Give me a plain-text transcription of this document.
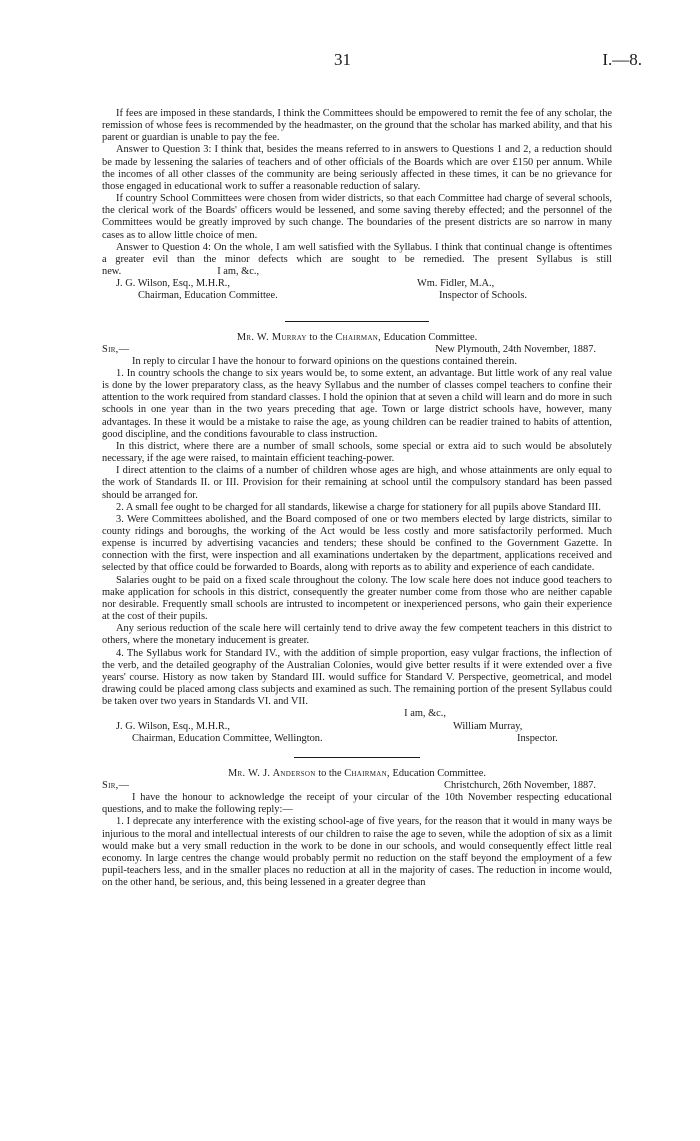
31	I.—8.

If fees are imposed in these standards, I think the Committees should be empowered to remit the fee of any scholar, the remission of whose fees is recommended by the headmaster, on the ground that the scholar has marked ability, and that his parent or guardian is unable to pay the fee.

Answer to Question 3: I think that, besides the means referred to in answers to Questions 1 and 2, a reduction should be made by lessening the salaries of teachers and of other officials of the Boards which are over £150 per annum. While the incomes of all other classes of the community are being seriously affected in these times, it can be no grievance for those engaged in educational work to suffer a reasonable reduction of salary.

If country School Committees were chosen from wider districts, so that each Committee had charge of several schools, the clerical work of the Boards' officers would be lessened, and some saving thereby effected; and the personnel of the Committees would be greatly improved by such change. The boundaries of the present districts are so narrow in many cases as to allow little choice of men.

Answer to Question 4: On the whole, I am well satisfied with the Syllabus. I think that continual change is oftentimes a greater evil than the minor defects which are sought to be remedied. The present Syllabus is still new.	I am, &c.,

J. G. Wilson, Esq., M.H.R.,	Wm. Fidler, M.A.,
Chairman, Education Committee.	Inspector of Schools.
Mr. W. Murray to the Chairman, Education Committee.
Sir,—	New Plymouth, 24th November, 1887.

In reply to circular I have the honour to forward opinions on the questions contained therein.

1. In country schools the change to six years would be, to some extent, an advantage. But little work of any real value is done by the lower preparatory class, as the heavy Syllabus and the number of classes compel teachers to confine their attention to the work required from standard classes. I hold the opinion that at seven a child will learn and do more in such schools in one year than in the two years preceding that age. Town or large district schools have, however, many advantages. In these it would be a mistake to raise the age, as young children can be readier trained to habits of attention, good discipline, and the conditions favourable to class instruction.

In this district, where there are a number of small schools, some special or extra aid to such would be absolutely necessary, if the age were raised, to maintain efficient teaching-power.

I direct attention to the claims of a number of children whose ages are high, and whose attainments are only equal to the work of Standards II. or III. Provision for their remaining at school until the compulsory standard has been passed should be arranged for.

2. A small fee ought to be charged for all standards, likewise a charge for stationery for all pupils above Standard III.

3. Were Committees abolished, and the Board composed of one or two members elected by large districts, similar to county ridings and boroughs, the working of the Act would be less costly and more satisfactorily performed. Much expense is incurred by advertising vacancies and tenders; these should be confined to the Government Gazette. In connection with the first, were inspection and all examinations undertaken by the department, applications received and selected by that office could be forwarded to Boards, along with reports as to ability and experience of each candidate.

Salaries ought to be paid on a fixed scale throughout the colony. The low scale here does not induce good teachers to make application for schools in this district, consequently the greater number come from those who are neither capable nor desirable. Frequently small schools are intrusted to incompetent or inexperienced persons, who gain their experience at the cost of their pupils.

Any serious reduction of the scale here will certainly tend to drive away the few competent teachers in this district to others, where the monetary inducement is greater.

4. The Syllabus work for Standard IV., with the addition of simple proportion, easy vulgar fractions, the inflection of the verb, and the detailed geography of the Australian Colonies, would give better results if it were extended over a five years' course. History as now taken by Standard III. would suffice for Standard V. Perspective, geometrical, and model drawing could be placed among class subjects and examined as such. The remaining portion of the present Syllabus could be taken over two years in Standards VI. and VII.

I am, &c.,
J. G. Wilson, Esq., M.H.R.,	William Murray,
Chairman, Education Committee, Wellington.	Inspector.
Mr. W. J. Anderson to the Chairman, Education Committee.
Sir,—	Christchurch, 26th November, 1887.

I have the honour to acknowledge the receipt of your circular of the 10th November respecting educational questions, and to make the following reply:—

1. I deprecate any interference with the existing school-age of five years, for the reason that it would in many ways be injurious to the moral and intellectual interests of our children to raise the age to seven, while the adoption of six as a limit would make but a very small reduction in the work to be done in our schools, and would consequently effect little real economy. In large centres the change would probably permit no reduction on the staff beyond the employment of a few pupil-teachers less, and in the smaller places no reduction at all in the majority of cases. The reduction in income would, on the other hand, be serious, and, this being lessened in a greater degree than
